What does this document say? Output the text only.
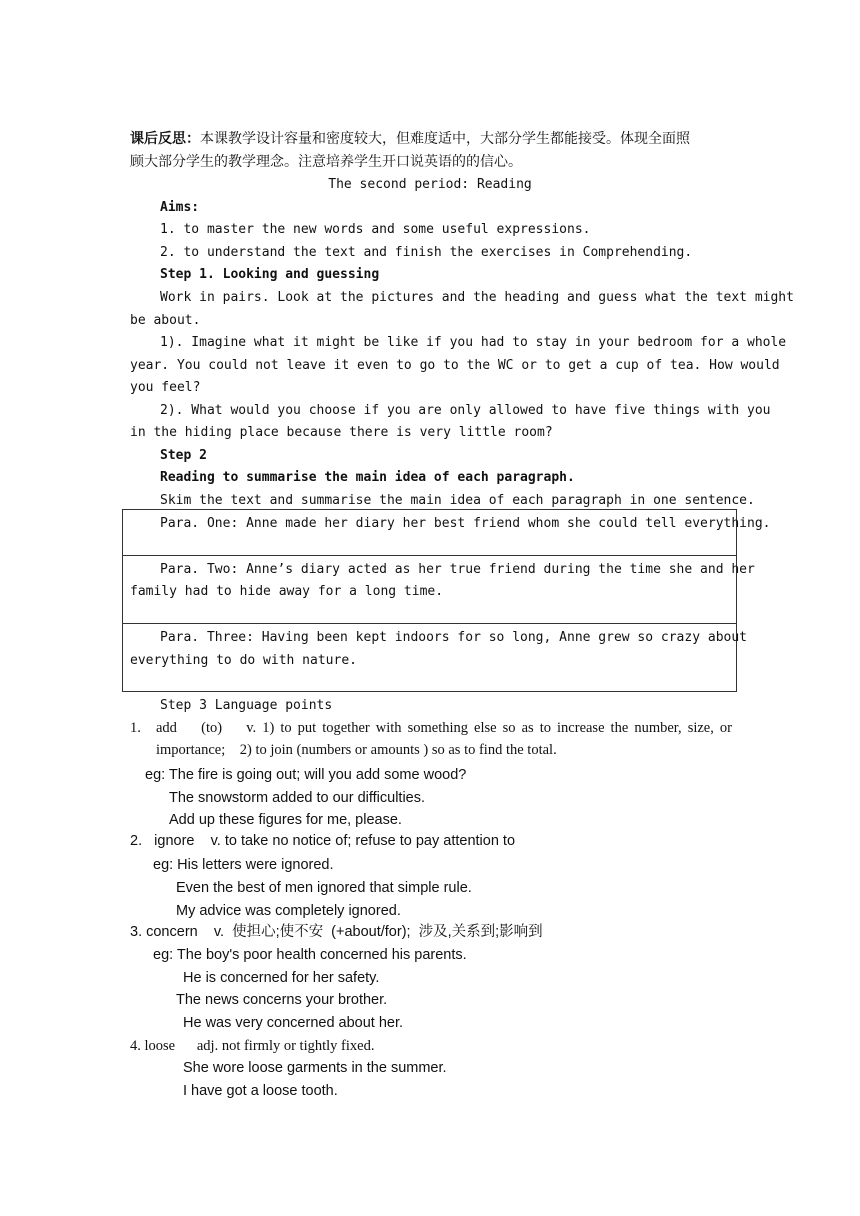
课后反思：本课教学设计容量和密度较大，但难度适中，大部分学生都能接受。体现全面照
顾大部分学生的教学理念。注意培养学生开口说英语的的信心。
The second period: Reading
Aims:
1. to master the new words and some useful expressions.
2. to understand the text and finish the exercises in Comprehending.
Step 1. Looking and guessing
Work in pairs. Look at the pictures and the heading and guess what the text might
be about.
1). Imagine what it might be like if you had to stay in your bedroom for a whole
year. You could not leave it even to go to the WC or to get a cup of tea. How would
you feel?
2). What would you choose if you are only allowed to have five things with you
in the hiding place because there is very little room?
Step 2
Reading to summarise the main idea of each paragraph.
Skim the text and summarise the main idea of each paragraph in one sentence.
Para. One: Anne made her diary her best friend whom she could tell everything.
Para. Two: Anne’s diary acted as her true friend during the time she and her
family had to hide away for a long time.
Para. Three: Having been kept indoors for so long, Anne grew so crazy about
everything to do with nature.
Step 3 Language points
1. add    (to)    v. 1) to put together with something else so as to increase the number, size, or
importance;    2) to join (numbers or amounts ) so as to find the total.
eg: The fire is going out; will you add some wood?
The snowstorm added to our difficulties.
Add up these figures for me, please.
2.   ignore    v. to take no notice of; refuse to pay attention to
eg: His letters were ignored.
Even the best of men ignored that simple rule.
My advice was completely ignored.
3. concern    v.  使担心;使不安  (+about/for);  涉及,关系到;影响到
eg: The boy's poor health concerned his parents.
He is concerned for her safety.
The news concerns your brother.
He was very concerned about her.
4. loose      adj. not firmly or tightly fixed.
She wore loose garments in the summer.
I have got a loose tooth.
